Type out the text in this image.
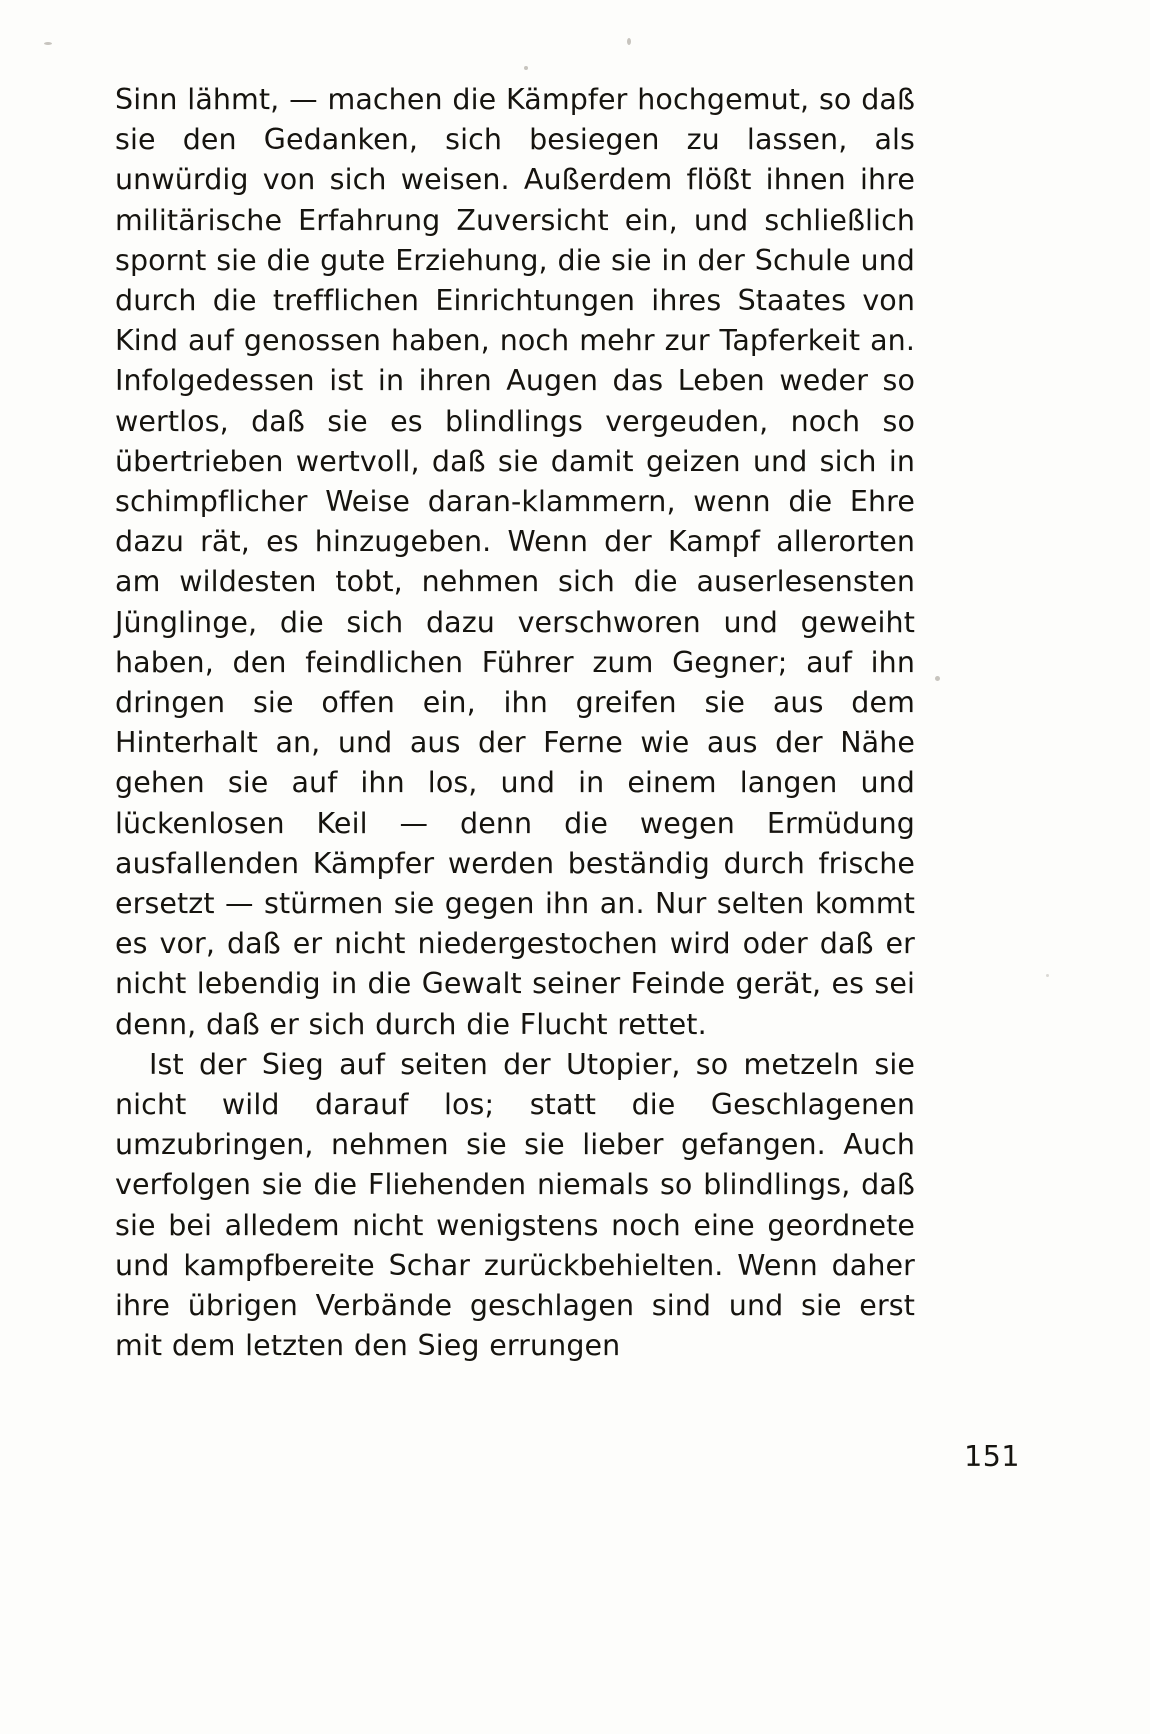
Sinn lähmt, — machen die Kämpfer hochgemut, so daß sie den Gedanken, sich besiegen zu lassen, als unwürdig von sich weisen. Außerdem flößt ihnen ihre militärische Erfahrung Zuversicht ein, und schließlich spornt sie die gute Erziehung, die sie in der Schule und durch die trefflichen Einrichtungen ihres Staates von Kind auf genossen haben, noch mehr zur Tapferkeit an. Infolgedessen ist in ihren Augen das Leben weder so wertlos, daß sie es blindlings vergeuden, noch so übertrieben wertvoll, daß sie damit geizen und sich in schimpflicher Weise daran-klammern, wenn die Ehre dazu rät, es hinzugeben. Wenn der Kampf allerorten am wildesten tobt, nehmen sich die auserlesensten Jünglinge, die sich dazu verschworen und geweiht haben, den feindlichen Führer zum Gegner; auf ihn dringen sie offen ein, ihn greifen sie aus dem Hinterhalt an, und aus der Ferne wie aus der Nähe gehen sie auf ihn los, und in einem langen und lückenlosen Keil — denn die wegen Ermüdung ausfallenden Kämpfer werden beständig durch frische ersetzt — stürmen sie gegen ihn an. Nur selten kommt es vor, daß er nicht niedergestochen wird oder daß er nicht lebendig in die Gewalt seiner Feinde gerät, es sei denn, daß er sich durch die Flucht rettet.

Ist der Sieg auf seiten der Utopier, so metzeln sie nicht wild darauf los; statt die Geschlagenen umzubringen, nehmen sie sie lieber gefangen. Auch verfolgen sie die Fliehenden niemals so blindlings, daß sie bei alledem nicht wenigstens noch eine geordnete und kampfbereite Schar zurückbehielten. Wenn daher ihre übrigen Verbände geschlagen sind und sie erst mit dem letzten den Sieg errungen

151
